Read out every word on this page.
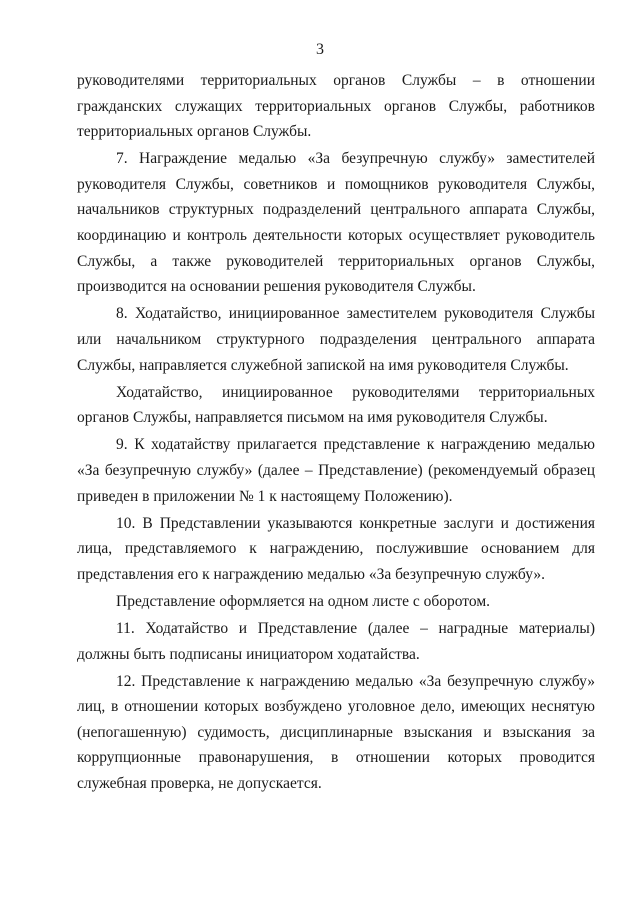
3

руководителями территориальных органов Службы – в отношении гражданских служащих территориальных органов Службы, работников территориальных органов Службы.

7. Награждение медалью «За безупречную службу» заместителей руководителя Службы, советников и помощников руководителя Службы, начальников структурных подразделений центрального аппарата Службы, координацию и контроль деятельности которых осуществляет руководитель Службы, а также руководителей территориальных органов Службы, производится на основании решения руководителя Службы.

8. Ходатайство, инициированное заместителем руководителя Службы или начальником структурного подразделения центрального аппарата Службы, направляется служебной запиской на имя руководителя Службы.

Ходатайство, инициированное руководителями территориальных органов Службы, направляется письмом на имя руководителя Службы.

9. К ходатайству прилагается представление к награждению медалью «За безупречную службу» (далее – Представление) (рекомендуемый образец приведен в приложении № 1 к настоящему Положению).

10. В Представлении указываются конкретные заслуги и достижения лица, представляемого к награждению, послужившие основанием для представления его к награждению медалью «За безупречную службу».

Представление оформляется на одном листе с оборотом.

11. Ходатайство и Представление (далее – наградные материалы) должны быть подписаны инициатором ходатайства.

12. Представление к награждению медалью «За безупречную службу» лиц, в отношении которых возбуждено уголовное дело, имеющих неснятую (непогашенную) судимость, дисциплинарные взыскания и взыскания за коррупционные правонарушения, в отношении которых проводится служебная проверка, не допускается.
